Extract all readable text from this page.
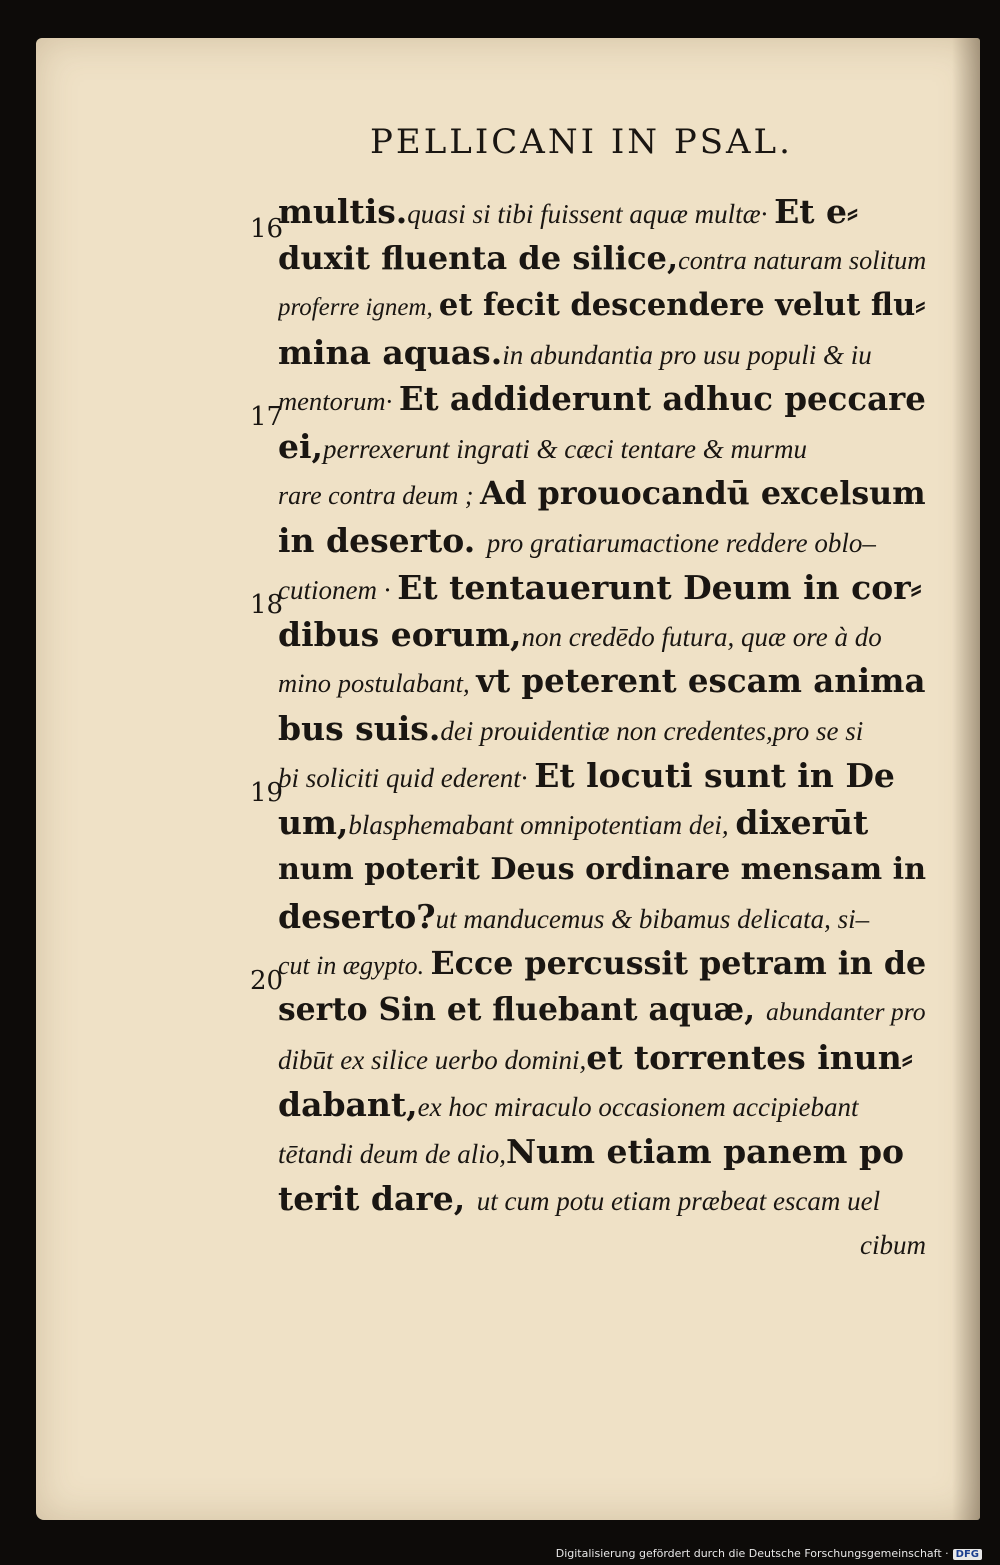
PELLICANI IN PSAL.
16
17
18
19
20
multis.quasi si tibi fuissent aquæ multæ· Et e⸗
duxit fluenta de silice,contra naturam solitum
proferre ignem, et fecit descendere velut flu⸗
mina aquas.in abundantia pro usu populi & iu
mentorum· Et addiderunt adhuc peccare
ei,perrexerunt ingrati & cæci tentare & murmu
rare contra deum ; Ad prouocandū excelsum
in deserto. pro gratiarumactione reddere oblo–
cutionem · Et tentauerunt Deum in cor⸗
dibus eorum,non credēdo futura, quæ ore à do
mino postulabant, vt peterent escam anima
bus suis.dei prouidentiæ non credentes,pro se si
bi soliciti quid ederent· Et locuti sunt in De
um,blasphemabant omnipotentiam dei, dixerūt
num poterit Deus ordinare mensam in
deserto?ut manducemus & bibamus delicata, si–
cut in ægypto. Ecce percussit petram in de
serto Sin et fluebant aquæ, abundanter pro
dibūt ex silice uerbo domini,et torrentes inun⸗
dabant,ex hoc miraculo occasionem accipiebant
tētandi deum de alio,Num etiam panem po
terit dare, ut cum potu etiam præbeat escam uel
cibum
Digitalisierung gefördert durch die Deutsche Forschungsgemeinschaft · DFG
